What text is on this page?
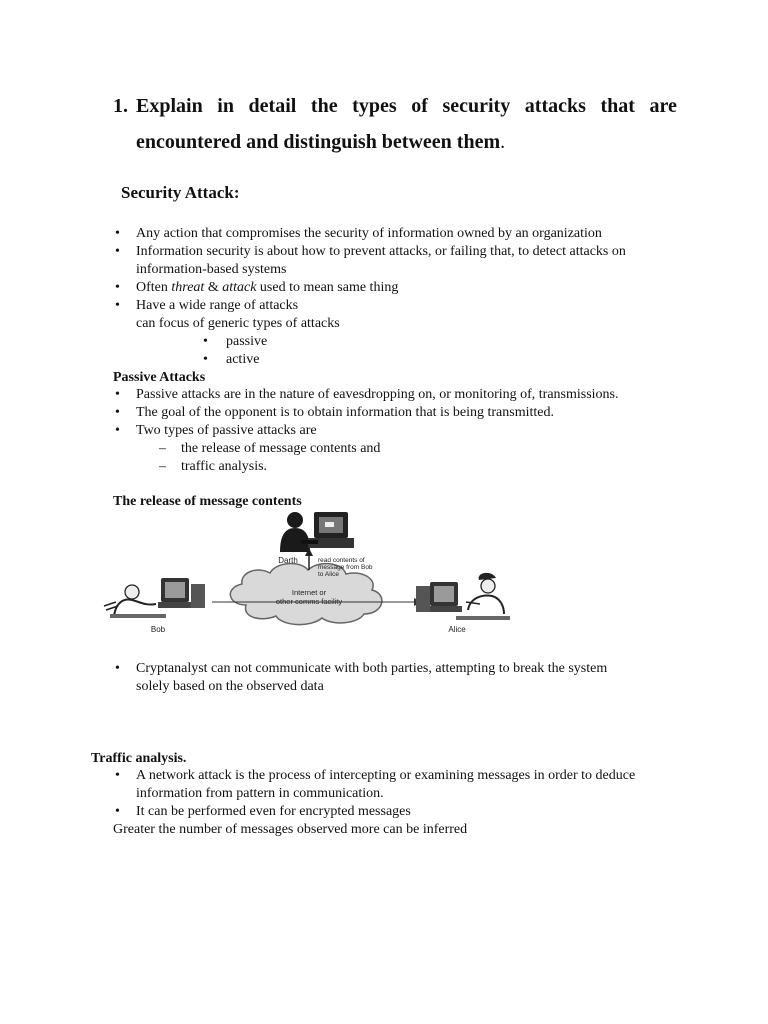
1. Explain in detail the types of security attacks that are
encountered and distinguish between them.
Security Attack:
•	Any action that compromises the security of information owned by an organization
•	Information security is about how to prevent attacks, or failing that, to detect attacks on
information-based systems
•	Often threat & attack used to mean same thing
•	Have a wide range of attacks
can focus of generic types of attacks
•	passive
•	active
Passive Attacks
•	Passive attacks are in the nature of eavesdropping on, or monitoring of, transmissions.
•	The goal of the opponent is to obtain information that is being transmitted.
•	Two types of passive attacks are
–	the release of message contents and
–	traffic analysis.
The release of message contents
Internet or
other comms facility
Darth	read contents of
message from Bob
to Alice
Bob	Alice
•	Cryptanalyst can not communicate with both parties, attempting to break the system
solely based on the observed data
Traffic analysis.
•	A network attack is the process of intercepting or examining messages in order to deduce
information from pattern in communication.
•	It can be performed even for encrypted messages
Greater the number of messages observed more can be inferred
